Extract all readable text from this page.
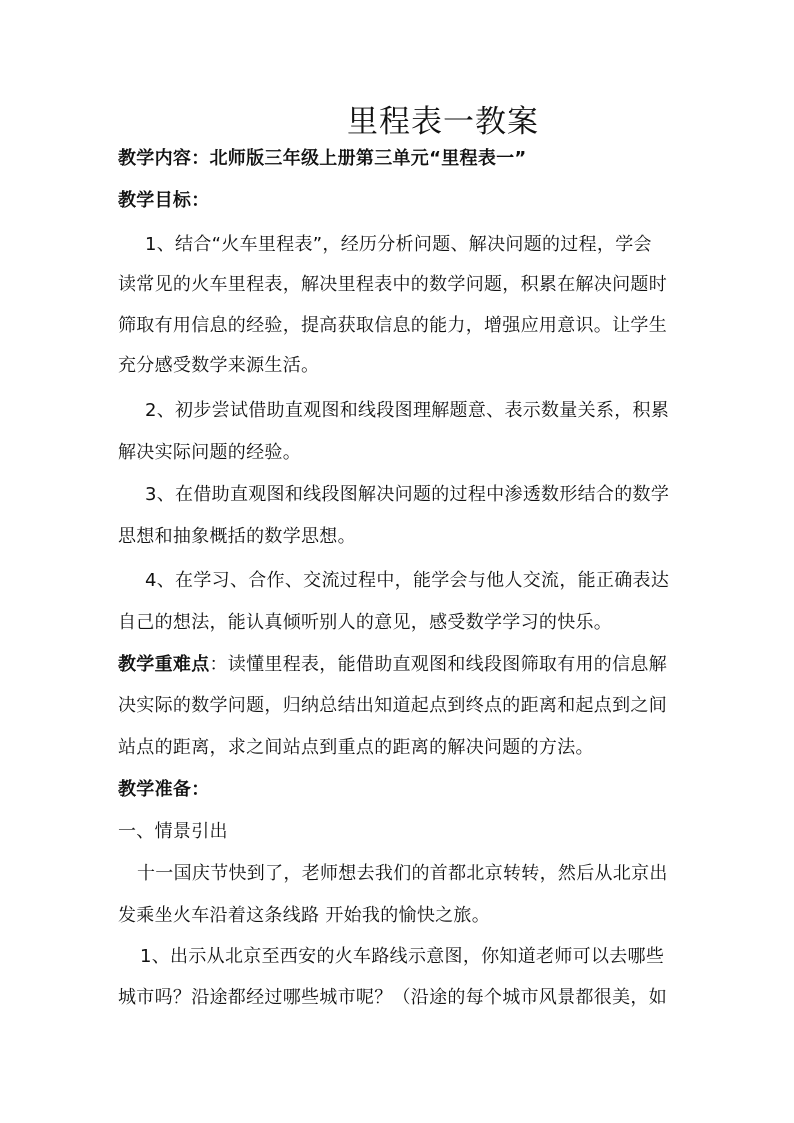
里程表一教案
教学内容：北师版三年级上册第三单元“里程表一”
教学目标：
1、结合“火车里程表”，经历分析问题、解决问题的过程，学会
读常见的火车里程表，解决里程表中的数学问题，积累在解决问题时
筛取有用信息的经验，提高获取信息的能力，增强应用意识。让学生
充分感受数学来源生活。
2、初步尝试借助直观图和线段图理解题意、表示数量关系，积累
解决实际问题的经验。
3、在借助直观图和线段图解决问题的过程中渗透数形结合的数学
思想和抽象概括的数学思想。
4、在学习、合作、交流过程中，能学会与他人交流，能正确表达
自己的想法，能认真倾听别人的意见，感受数学学习的快乐。
教学重难点：读懂里程表，能借助直观图和线段图筛取有用的信息解
决实际的数学问题，归纳总结出知道起点到终点的距离和起点到之间
站点的距离，求之间站点到重点的距离的解决问题的方法。
教学准备：
一、情景引出
十一国庆节快到了，老师想去我们的首都北京转转，然后从北京出
发乘坐火车沿着这条线路 开始我的愉快之旅。
1、出示从北京至西安的火车路线示意图，你知道老师可以去哪些
城市吗？沿途都经过哪些城市呢？（沿途的每个城市风景都很美，如
